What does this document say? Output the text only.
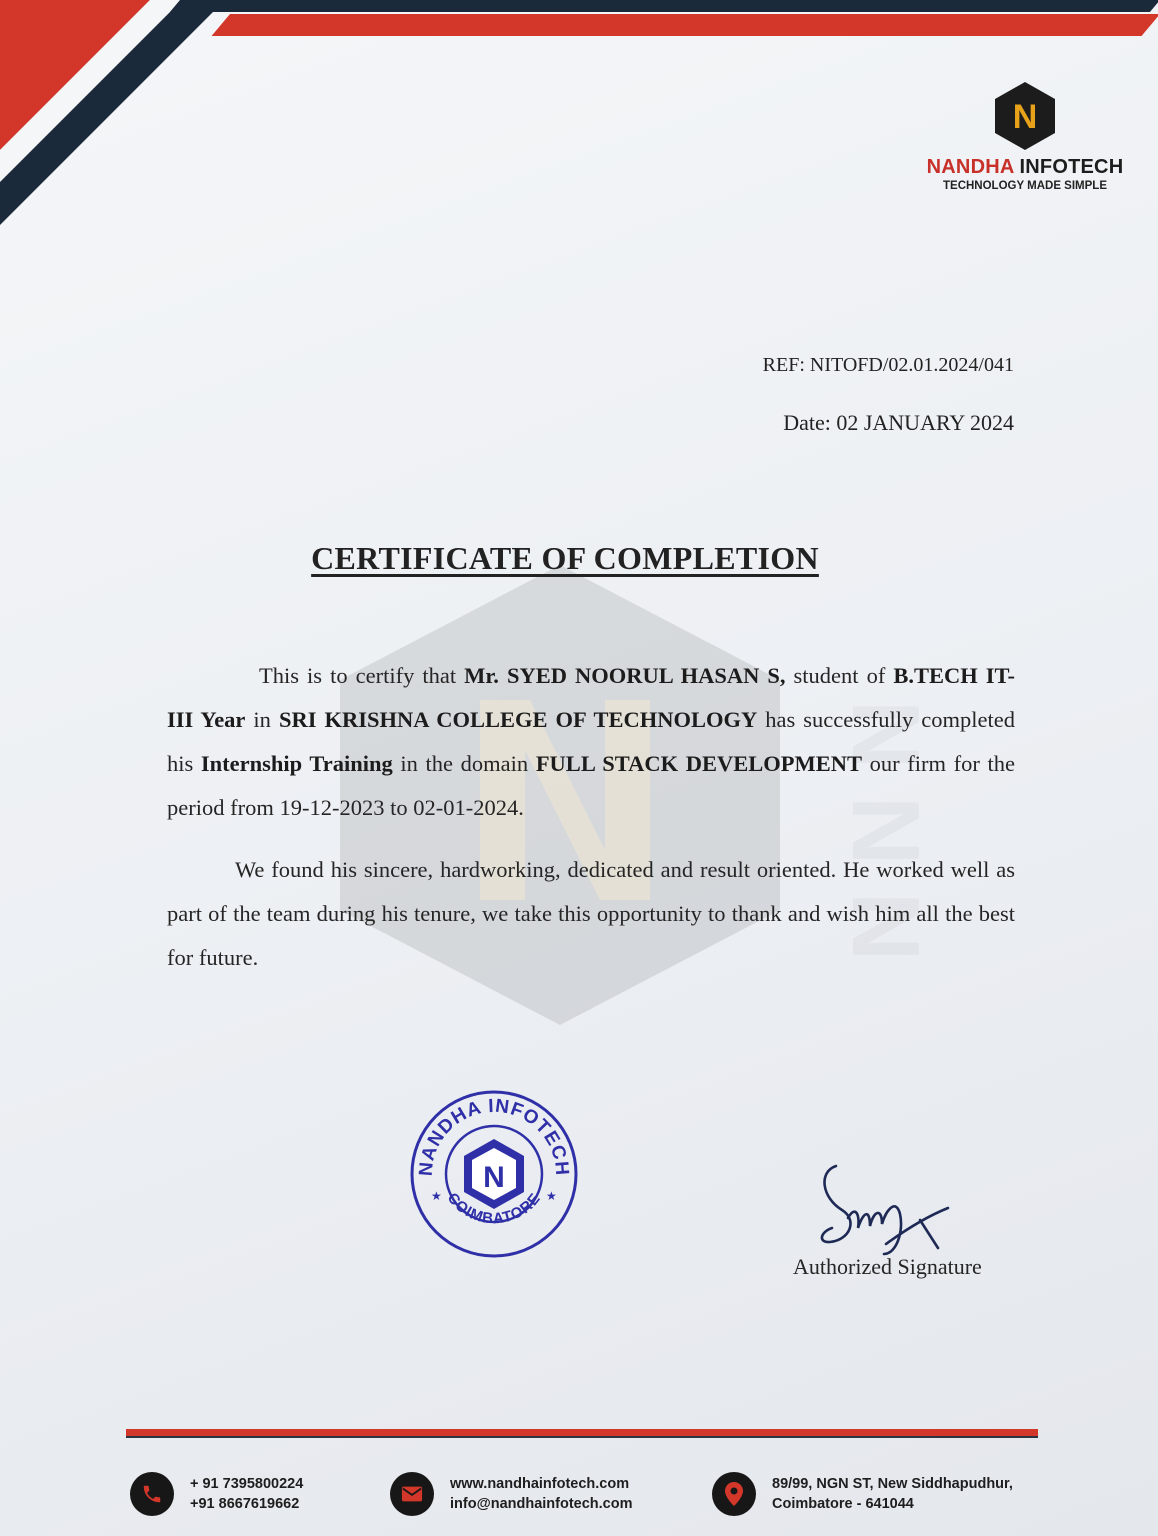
N
NANDHA INFOTECH
TECHNOLOGY MADE SIMPLE
REF: NITOFD/02.01.2024/041
Date: 02 JANUARY 2024
CERTIFICATE OF COMPLETION
This is to certify that Mr. SYED NOORUL HASAN S, student of B.TECH IT- III Year in SRI KRISHNA COLLEGE OF TECHNOLOGY has successfully completed his Internship Training in the domain FULL STACK DEVELOPMENT our firm for the period from 19-12-2023 to 02-01-2024.
We found his sincere, hardworking, dedicated and result oriented. He worked well as part of the team during his tenure, we take this opportunity to thank and wish him all the best for future.
NANDHA INFOTECH
COIMBATORE
★	★
N
Authorized Signature
+ 91 7395800224
+91 8667619662
www.nandhainfotech.com
info@nandhainfotech.com
89/99, NGN ST, New Siddhapudhur,
Coimbatore - 641044
